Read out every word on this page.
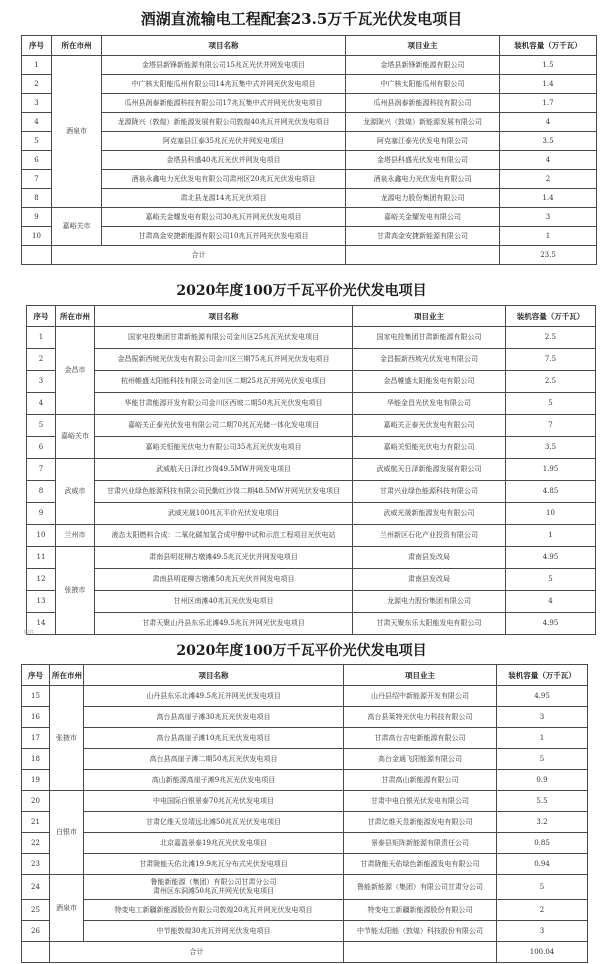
酒湖直流输电工程配套23.5万千瓦光伏发电项目
序号	所在市州	项目名称	项目业主	装机容量（万千瓦）
1	酒泉市	金塔县新锋新能源有限公司15兆瓦光伏并网发电项目	金塔县新锋新能源有限公司	1.5
2		中广核太阳能瓜州有限公司14兆瓦集中式并网光伏发电项目	中广核太阳能瓜州有限公司	1.4
3		瓜州县润泰新能源科技有限公司17兆瓦集中式并网光伏发电项目	瓜州县润泰新能源科技有限公司	1.7
4		龙源陇兴（敦煌）新能源发展有限公司敦煌40兆瓦并网光伏发电项目	龙源陇兴（敦煌）新能源发展有限公司	4
5		阿克塞县江泰35兆瓦光伏并网发电项目	阿克塞江泰光伏发电有限公司	3.5
6		金塔县科盛40兆瓦光伏并网发电项目	金塔县科盛光伏发电有限公司	4
7		酒泉永鑫电力光伏发电有限公司肃州区20兆瓦光伏发电项目	酒泉永鑫电力光伏发电有限公司	2
8		肃北县龙源14兆瓦光伏项目	龙源电力股份集团有限公司	1.4
9	嘉峪关市	嘉峪关金耀发电有限公司30兆瓦并网光伏发电项目	嘉峪关金耀发电有限公司	3
10		甘肃高金安捷新能源有限公司10兆瓦并网光伏发电项目	甘肃高金安捷新能源有限公司	1
	合计			23.5
2020年度100万千瓦平价光伏发电项目
序号	所在市州	项目名称	项目业主	装机容量（万千瓦）
1	金昌市	国家电投集团甘肃新能源有限公司金川区25兆瓦光伏发电项目	国家电投集团甘肃新能源有限公司	2.5
2		金昌振新西坡光伏发电有限公司金川区三期75兆瓦并网光伏发电项目	金昌振新西坡光伏发电有限公司	7.5
3		杭州帷盛太阳能科技有限公司金川区二期25兆瓦并网光伏发电项目	金昌帷盛太阳能发电有限公司	2.5
4		华能甘肃能源开发有限公司金川区西坡二期50兆瓦光伏发电项目	华能金昌光伏发电有限公司	5
5	嘉峪关市	嘉峪关正泰光伏发电有限公司二期70兆瓦光储一体化发电项目	嘉峪关正泰光伏发电有限公司	7
6		嘉峪关恒能光伏电力有限公司35兆瓦光伏发电项目	嘉峪关恒能光伏电力有限公司	3.5
7	武威市	武威航天日泽红沙岗49.5MW并网发电项目	武威航天日泽新能源发展有限公司	1.95
8		甘肃兴业绿色能源科技有限公司民勤红沙岗二期48.5MW并网光伏发电项目	甘肃兴业绿色能源科技有限公司	4.85
9		武威光晟100兆瓦平价光伏发电项目	武威光晟新能源发电有限公司	10
10	兰州市	液态太阳燃料合成：二氧化碳加氢合成甲醇中试和示范工程项目光伏电站	兰州新区石化产业投资有限公司	1
11	张掖市	肃南县明花柳古墩滩49.5兆瓦光伏并网发电项目	肃南县发改局	4.95
12		肃南县明花柳古墩滩50兆瓦光伏并网发电项目	肃南县发改局	5
13		甘州区南滩40兆瓦光伏发电项目	龙源电力股份集团有限公司	4
14		甘肃天聚山丹县东乐北滩49.5兆瓦并网光伏发电项目	甘肃天聚东乐太阳能发电有限公司	4.95
附件
2020年度100万千瓦平价光伏发电项目
序号	所在市州	项目名称	项目业主	装机容量（万千瓦）
15	张掖市	山丹县东乐北滩49.5兆瓦并网光伏发电项目	山丹县绍中新能源开发有限公司	4.95
16		高台县高崖子滩30兆瓦光伏发电项目	高台县莱特光伏电力科技有限公司	3
17		高台县高崖子滩10兆瓦光伏发电项目	甘肃高台吉电新能源有限公司	1
18		高台县高崖子滩二期50兆瓦光伏发电项目	高台金通飞阳能源有限公司	5
19		高山新能源高崖子滩9兆瓦光伏发电项目	甘肃高山新能源有限公司	0.9
20	白银市	中电国际白银景泰70兆瓦光伏发电项目	甘肃中电白银光伏发电有限公司	5.5
21		甘肃亿维天昱靖远北滩50兆瓦光伏发电项目	甘肃亿维天昱新能源发电有限公司	3.2
22		北京嘉盈景泰19兆瓦光伏发电项目	景泰县矩阵新能源有限责任公司	0.85
23		甘肃陇能天佑北滩19.9兆瓦分布式光伏发电项目	甘肃陇能天佑绿色新能源发电有限公司	0.94
24	酒泉市	鲁能新能源（集团）有限公司甘肃分公司
肃州区东洞滩50兆瓦并网光伏发电项目	鲁能新能源（集团）有限公司甘肃分公司	5
25		特变电工新疆新能源股份有限公司敦煌20兆瓦并网光伏发电项目	特变电工新疆新能源股份有限公司	2
26		中节能敦煌30兆瓦并网光伏发电项目	中节能太阳能（敦煌）科技股份有限公司	3
	合计			100.04
